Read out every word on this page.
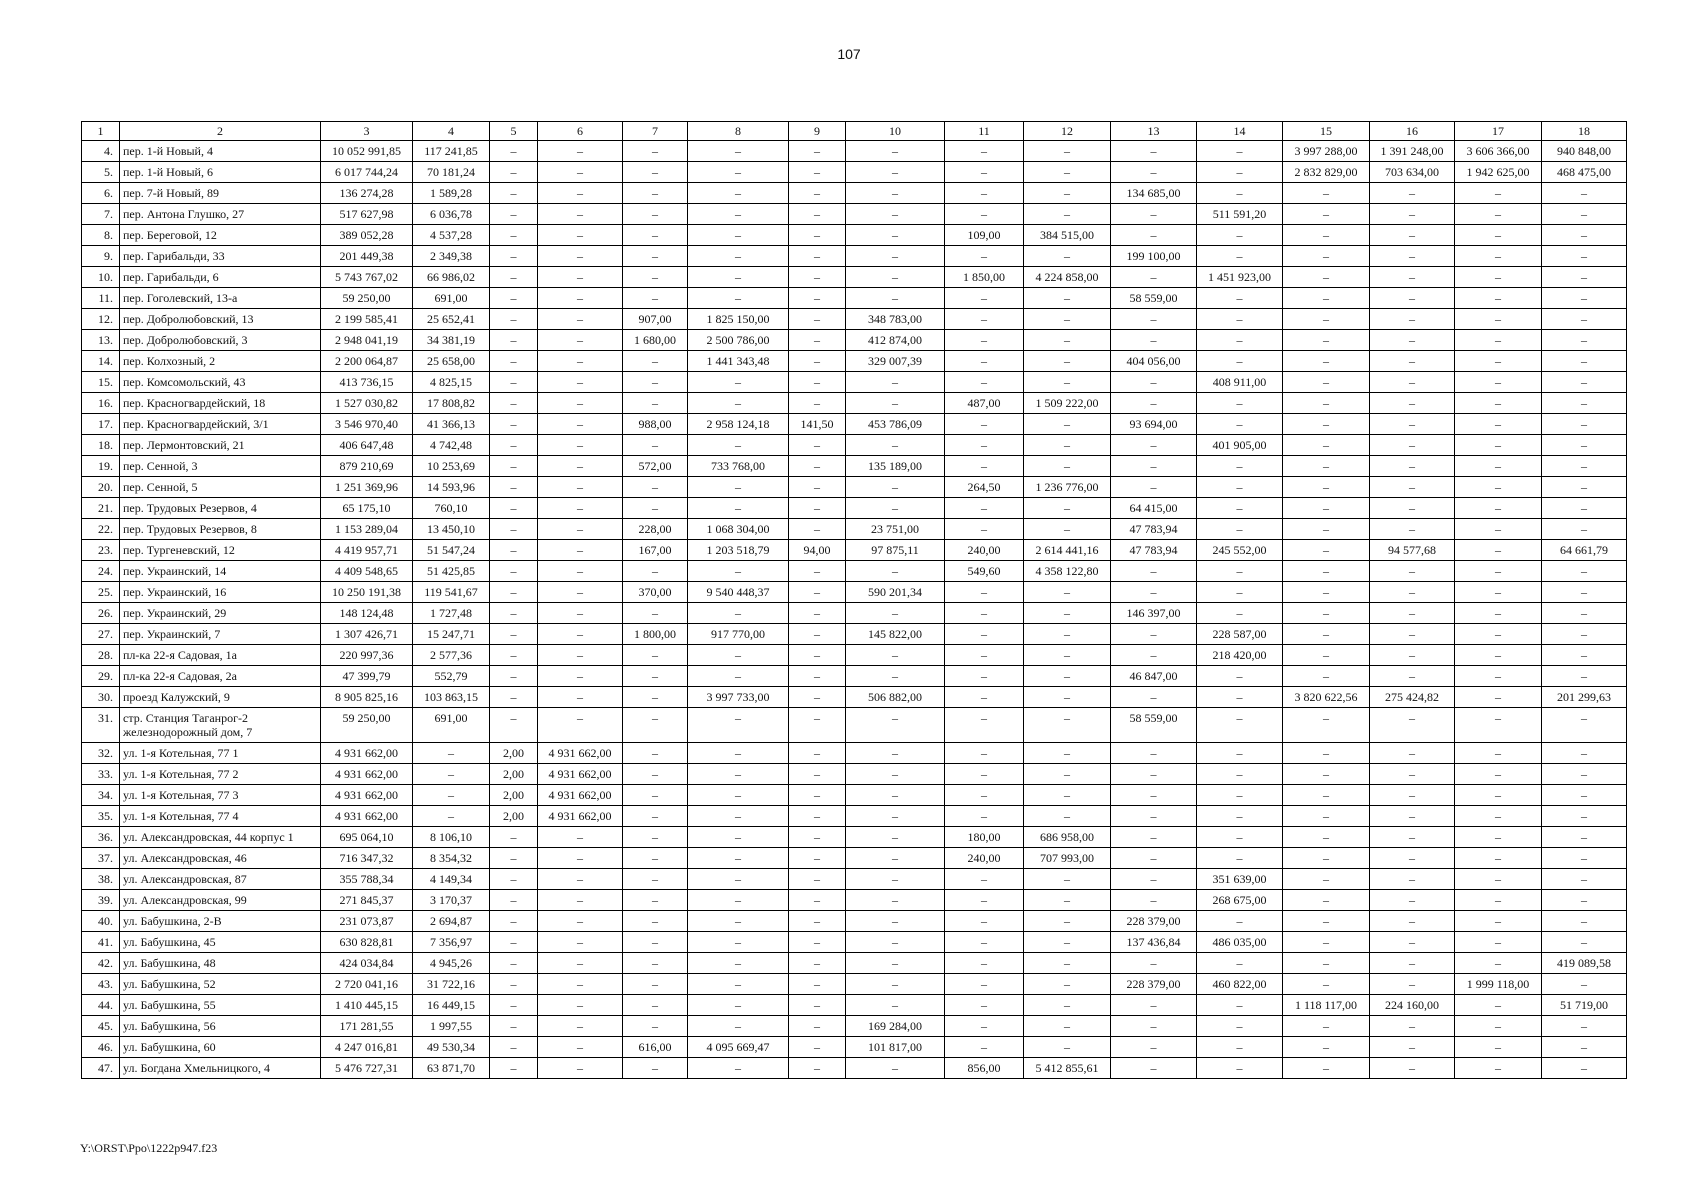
107
1	2	3	4	5	6	7	8	9	10	11	12	13	14	15	16	17	18
4.	пер. 1-й Новый, 4	10 052 991,85	117 241,85	–	–	–	–	–	–	–	–	–	–	3 997 288,00	1 391 248,00	3 606 366,00	940 848,00
5.	пер. 1-й Новый, 6	6 017 744,24	70 181,24	–	–	–	–	–	–	–	–	–	–	2 832 829,00	703 634,00	1 942 625,00	468 475,00
6.	пер. 7-й Новый, 89	136 274,28	1 589,28	–	–	–	–	–	–	–	–	134 685,00	–	–	–	–	–
7.	пер. Антона Глушко, 27	517 627,98	6 036,78	–	–	–	–	–	–	–	–	–	511 591,20	–	–	–	–
8.	пер. Береговой, 12	389 052,28	4 537,28	–	–	–	–	–	–	109,00	384 515,00	–	–	–	–	–	–
9.	пер. Гарибальди, 33	201 449,38	2 349,38	–	–	–	–	–	–	–	–	199 100,00	–	–	–	–	–
10.	пер. Гарибальди, 6	5 743 767,02	66 986,02	–	–	–	–	–	–	1 850,00	4 224 858,00	–	1 451 923,00	–	–	–	–
11.	пер. Гоголевский, 13-а	59 250,00	691,00	–	–	–	–	–	–	–	–	58 559,00	–	–	–	–	–
12.	пер. Добролюбовский, 13	2 199 585,41	25 652,41	–	–	907,00	1 825 150,00	–	348 783,00	–	–	–	–	–	–	–	–
13.	пер. Добролюбовский, 3	2 948 041,19	34 381,19	–	–	1 680,00	2 500 786,00	–	412 874,00	–	–	–	–	–	–	–	–
14.	пер. Колхозный, 2	2 200 064,87	25 658,00	–	–	–	1 441 343,48	–	329 007,39	–	–	404 056,00	–	–	–	–	–
15.	пер. Комсомольский, 43	413 736,15	4 825,15	–	–	–	–	–	–	–	–	–	408 911,00	–	–	–	–
16.	пер. Красногвардейский, 18	1 527 030,82	17 808,82	–	–	–	–	–	–	487,00	1 509 222,00	–	–	–	–	–	–
17.	пер. Красногвардейский, 3/1	3 546 970,40	41 366,13	–	–	988,00	2 958 124,18	141,50	453 786,09	–	–	93 694,00	–	–	–	–	–
18.	пер. Лермонтовский, 21	406 647,48	4 742,48	–	–	–	–	–	–	–	–	–	401 905,00	–	–	–	–
19.	пер. Сенной, 3	879 210,69	10 253,69	–	–	572,00	733 768,00	–	135 189,00	–	–	–	–	–	–	–	–
20.	пер. Сенной, 5	1 251 369,96	14 593,96	–	–	–	–	–	–	264,50	1 236 776,00	–	–	–	–	–	–
21.	пер. Трудовых Резервов, 4	65 175,10	760,10	–	–	–	–	–	–	–	–	64 415,00	–	–	–	–	–
22.	пер. Трудовых Резервов, 8	1 153 289,04	13 450,10	–	–	228,00	1 068 304,00	–	23 751,00	–	–	47 783,94	–	–	–	–	–
23.	пер. Тургеневский, 12	4 419 957,71	51 547,24	–	–	167,00	1 203 518,79	94,00	97 875,11	240,00	2 614 441,16	47 783,94	245 552,00	–	94 577,68	–	64 661,79
24.	пер. Украинский, 14	4 409 548,65	51 425,85	–	–	–	–	–	–	549,60	4 358 122,80	–	–	–	–	–	–
25.	пер. Украинский, 16	10 250 191,38	119 541,67	–	–	370,00	9 540 448,37	–	590 201,34	–	–	–	–	–	–	–	–
26.	пер. Украинский, 29	148 124,48	1 727,48	–	–	–	–	–	–	–	–	146 397,00	–	–	–	–	–
27.	пер. Украинский, 7	1 307 426,71	15 247,71	–	–	1 800,00	917 770,00	–	145 822,00	–	–	–	228 587,00	–	–	–	–
28.	пл-ка 22-я Садовая, 1а	220 997,36	2 577,36	–	–	–	–	–	–	–	–	–	218 420,00	–	–	–	–
29.	пл-ка 22-я Садовая, 2а	47 399,79	552,79	–	–	–	–	–	–	–	–	46 847,00	–	–	–	–	–
30.	проезд Калужский, 9	8 905 825,16	103 863,15	–	–	–	3 997 733,00	–	506 882,00	–	–	–	–	3 820 622,56	275 424,82	–	201 299,63
31.	стр. Станция Таганрог-2 железнодорожный дом, 7	59 250,00	691,00	–	–	–	–	–	–	–	–	58 559,00	–	–	–	–	–
32.	ул. 1-я Котельная, 77 1	4 931 662,00	–	2,00	4 931 662,00	–	–	–	–	–	–	–	–	–	–	–	–
33.	ул. 1-я Котельная, 77 2	4 931 662,00	–	2,00	4 931 662,00	–	–	–	–	–	–	–	–	–	–	–	–
34.	ул. 1-я Котельная, 77 3	4 931 662,00	–	2,00	4 931 662,00	–	–	–	–	–	–	–	–	–	–	–	–
35.	ул. 1-я Котельная, 77 4	4 931 662,00	–	2,00	4 931 662,00	–	–	–	–	–	–	–	–	–	–	–	–
36.	ул. Александровская, 44 корпус 1	695 064,10	8 106,10	–	–	–	–	–	–	180,00	686 958,00	–	–	–	–	–	–
37.	ул. Александровская, 46	716 347,32	8 354,32	–	–	–	–	–	–	240,00	707 993,00	–	–	–	–	–	–
38.	ул. Александровская, 87	355 788,34	4 149,34	–	–	–	–	–	–	–	–	–	351 639,00	–	–	–	–
39.	ул. Александровская, 99	271 845,37	3 170,37	–	–	–	–	–	–	–	–	–	268 675,00	–	–	–	–
40.	ул. Бабушкина, 2-В	231 073,87	2 694,87	–	–	–	–	–	–	–	–	228 379,00	–	–	–	–	–
41.	ул. Бабушкина, 45	630 828,81	7 356,97	–	–	–	–	–	–	–	–	137 436,84	486 035,00	–	–	–	–
42.	ул. Бабушкина, 48	424 034,84	4 945,26	–	–	–	–	–	–	–	–	–	–	–	–	–	419 089,58
43.	ул. Бабушкина, 52	2 720 041,16	31 722,16	–	–	–	–	–	–	–	–	228 379,00	460 822,00	–	–	1 999 118,00	–
44.	ул. Бабушкина, 55	1 410 445,15	16 449,15	–	–	–	–	–	–	–	–	–	–	1 118 117,00	224 160,00	–	51 719,00
45.	ул. Бабушкина, 56	171 281,55	1 997,55	–	–	–	–	–	169 284,00	–	–	–	–	–	–	–	–
46.	ул. Бабушкина, 60	4 247 016,81	49 530,34	–	–	616,00	4 095 669,47	–	101 817,00	–	–	–	–	–	–	–	–
47.	ул. Богдана Хмельницкого, 4	5 476 727,31	63 871,70	–	–	–	–	–	–	856,00	5 412 855,61	–	–	–	–	–	–
Y:\ORST\Ppo\1222p947.f23
